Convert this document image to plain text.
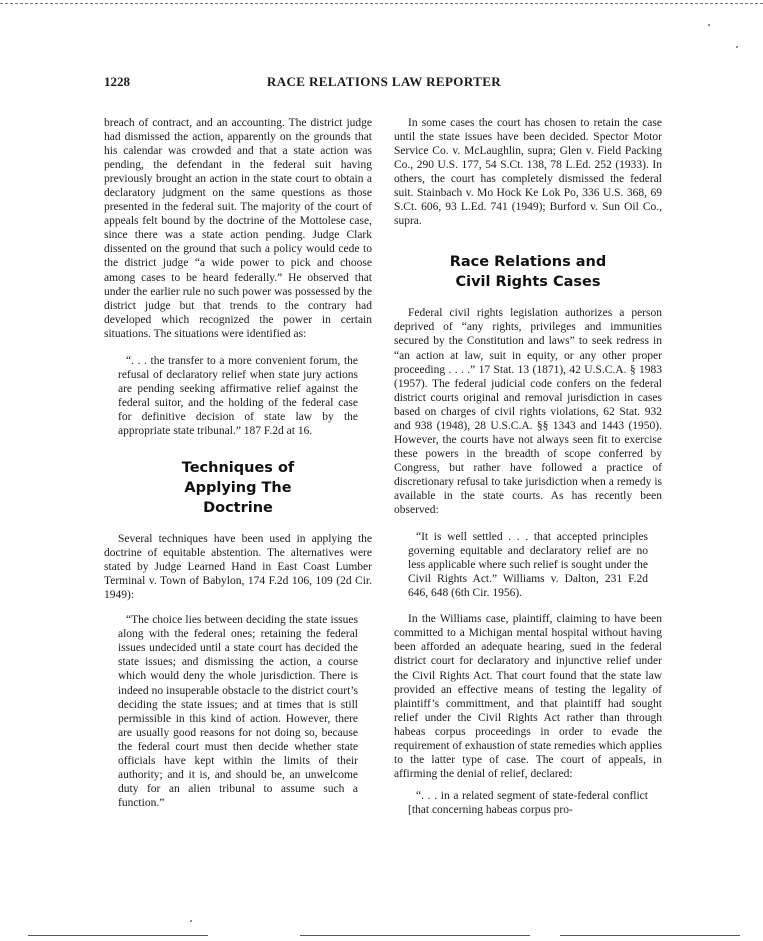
1228	RACE RELATIONS LAW REPORTER

breach of contract, and an accounting. The district judge had dismissed the action, apparently on the grounds that his calendar was crowded and that a state action was pending, the defendant in the federal suit having previously brought an action in the state court to obtain a declaratory judgment on the same questions as those presented in the federal suit. The majority of the court of appeals felt bound by the doctrine of the Mottolese case, since there was a state action pending. Judge Clark dissented on the ground that such a policy would cede to the district judge “a wide power to pick and choose among cases to be heard federally.” He observed that under the earlier rule no such power was possessed by the district judge but that trends to the contrary had developed which recognized the power in certain situations. The situations were identified as:

“. . . the transfer to a more convenient forum, the refusal of declaratory relief when state jury actions are pending seeking affirmative relief against the federal suitor, and the holding of the federal case for definitive decision of state law by the appropriate state tribunal.” 187 F.2d at 16.

Techniques of Applying The Doctrine

Several techniques have been used in applying the doctrine of equitable abstention. The alternatives were stated by Judge Learned Hand in East Coast Lumber Terminal v. Town of Babylon, 174 F.2d 106, 109 (2d Cir. 1949):

“The choice lies between deciding the state issues along with the federal ones; retaining the federal issues undecided until a state court has decided the state issues; and dismissing the action, a course which would deny the whole jurisdiction. There is indeed no insuperable obstacle to the district court’s deciding the state issues; and at times that is still permissible in this kind of action. However, there are usually good reasons for not doing so, because the federal court must then decide whether state officials have kept within the limits of their authority; and it is, and should be, an unwelcome duty for an alien tribunal to assume such a function.”

In some cases the court has chosen to retain the case until the state issues have been decided. Spector Motor Service Co. v. McLaughlin, supra; Glen v. Field Packing Co., 290 U.S. 177, 54 S.Ct. 138, 78 L.Ed. 252 (1933). In others, the court has completely dismissed the federal suit. Stainbach v. Mo Hock Ke Lok Po, 336 U.S. 368, 69 S.Ct. 606, 93 L.Ed. 741 (1949); Burford v. Sun Oil Co., supra.

Race Relations and Civil Rights Cases

Federal civil rights legislation authorizes a person deprived of “any rights, privileges and immunities secured by the Constitution and laws” to seek redress in “an action at law, suit in equity, or any other proper proceeding . . . .” 17 Stat. 13 (1871), 42 U.S.C.A. § 1983 (1957). The federal judicial code confers on the federal district courts original and removal jurisdiction in cases based on charges of civil rights violations, 62 Stat. 932 and 938 (1948), 28 U.S.C.A. §§ 1343 and 1443 (1950). However, the courts have not always seen fit to exercise these powers in the breadth of scope conferred by Congress, but rather have followed a practice of discretionary refusal to take jurisdiction when a remedy is available in the state courts. As has recently been observed:

“It is well settled . . . that accepted principles governing equitable and declaratory relief are no less applicable where such relief is sought under the Civil Rights Act.” Williams v. Dalton, 231 F.2d 646, 648 (6th Cir. 1956).

In the Williams case, plaintiff, claiming to have been committed to a Michigan mental hospital without having been afforded an adequate hearing, sued in the federal district court for declaratory and injunctive relief under the Civil Rights Act. That court found that the state law provided an effective means of testing the legality of plaintiff’s committment, and that plaintiff had sought relief under the Civil Rights Act rather than through habeas corpus proceedings in order to evade the requirement of exhaustion of state remedies which applies to the latter type of case. The court of appeals, in affirming the denial of relief, declared:

“. . . in a related segment of state-federal conflict [that concerning habeas corpus pro-
